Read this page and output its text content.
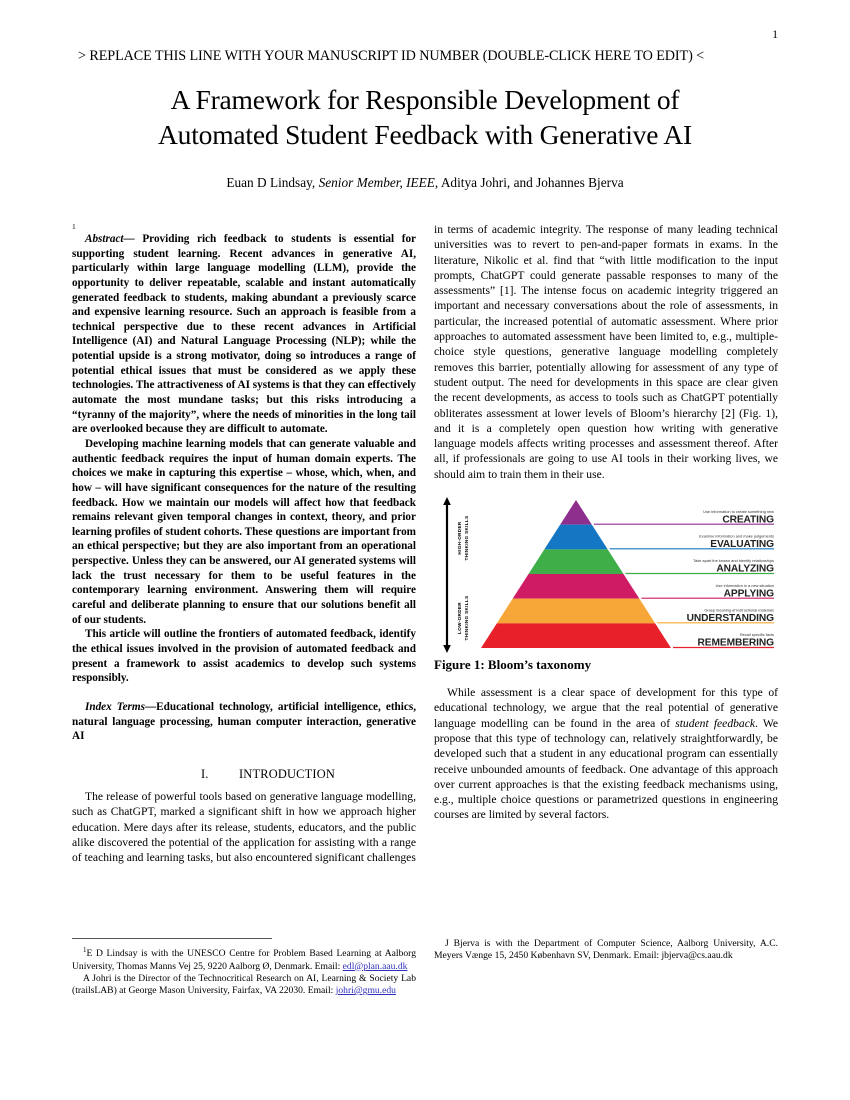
1
> REPLACE THIS LINE WITH YOUR MANUSCRIPT ID NUMBER (DOUBLE-CLICK HERE TO EDIT) <
A Framework for Responsible Development of
Automated Student Feedback with Generative AI
Euan D Lindsay, Senior Member, IEEE, Aditya Johri, and Johannes Bjerva
1

Abstract— Providing rich feedback to students is essential for supporting student learning. Recent advances in generative AI, particularly within large language modelling (LLM), provide the opportunity to deliver repeatable, scalable and instant automatically generated feedback to students, making abundant a previously scarce and expensive learning resource. Such an approach is feasible from a technical perspective due to these recent advances in Artificial Intelligence (AI) and Natural Language Processing (NLP); while the potential upside is a strong motivator, doing so introduces a range of potential ethical issues that must be considered as we apply these technologies. The attractiveness of AI systems is that they can effectively automate the most mundane tasks; but this risks introducing a “tyranny of the majority”, where the needs of minorities in the long tail are overlooked because they are difficult to automate.

Developing machine learning models that can generate valuable and authentic feedback requires the input of human domain experts. The choices we make in capturing this expertise – whose, which, when, and how – will have significant consequences for the nature of the resulting feedback. How we maintain our models will affect how that feedback remains relevant given temporal changes in context, theory, and prior learning profiles of student cohorts. These questions are important from an ethical perspective; but they are also important from an operational perspective. Unless they can be answered, our AI generated systems will lack the trust necessary for them to be useful features in the contemporary learning environment. Answering them will require careful and deliberate planning to ensure that our solutions benefit all of our students.

This article will outline the frontiers of automated feedback, identify the ethical issues involved in the provision of automated feedback and present a framework to assist academics to develop such systems responsibly.

Index Terms—Educational technology, artificial intelligence, ethics, natural language processing, human computer interaction, generative AI
I. INTRODUCTION

The release of powerful tools based on generative language modelling, such as ChatGPT, marked a significant shift in how we approach higher education. Mere days after its release, students, educators, and the public alike discovered the potential of the application for assisting with a range of teaching and learning tasks, but also encountered significant challenges

in terms of academic integrity. The response of many leading technical universities was to revert to pen-and-paper formats in exams. In the literature, Nikolic et al. find that “with little modification to the input prompts, ChatGPT could generate passable responses to many of the assessments” [1]. The intense focus on academic integrity triggered an important and necessary conversations about the role of assessments, in particular, the increased potential of automatic assessment. Where prior approaches to automated assessment have been limited to, e.g., multiple-choice style questions, generative language modelling completely removes this barrier, potentially allowing for assessment of any type of student output. The need for developments in this space are clear given the recent developments, as access to tools such as ChatGPT potentially obliterates assessment at lower levels of Bloom’s hierarchy [2] (Fig. 1), and it is a completely open question how writing with generative language models affects writing processes and assessment thereof. After all, if professionals are going to use AI tools in their working lives, we should aim to train them in their use.

HIGH-ORDER THINKING SKILLS
LOW-ORDER THINKING SKILLS
CREATING
Use information to create something new
EVALUATING
Examine information and make judgements
ANALYZING
Take apart the known and identify relationships
APPLYING
Use information in a new situation
UNDERSTANDING
Grasp meaning of instructional materials
REMEMBERING
Recall specific facts
Figure 1: Bloom’s taxonomy

While assessment is a clear space of development for this type of educational technology, we argue that the real potential of generative language modelling can be found in the area of student feedback. We propose that this type of technology can, relatively straightforwardly, be developed such that a student in any educational program can essentially receive unbounded amounts of feedback. One advantage of this approach over current approaches is that the existing feedback mechanisms using, e.g., multiple choice questions or parametrized questions in engineering courses are limited by several factors.

$^1$E D Lindsay is with the UNESCO Centre for Problem Based Learning at Aalborg University, Thomas Manns Vej 25, 9220 Aalborg Ø, Denmark. Email: edl@plan.aau.dk

A Johri is the Director of the Technocritical Research on AI, Learning & Society Lab (trailsLAB) at George Mason University, Fairfax, VA 22030. Email: johri@gmu.edu

J Bjerva is with the Department of Computer Science, Aalborg University, A.C. Meyers Vænge 15, 2450 København SV, Denmark. Email: jbjerva@cs.aau.dk
